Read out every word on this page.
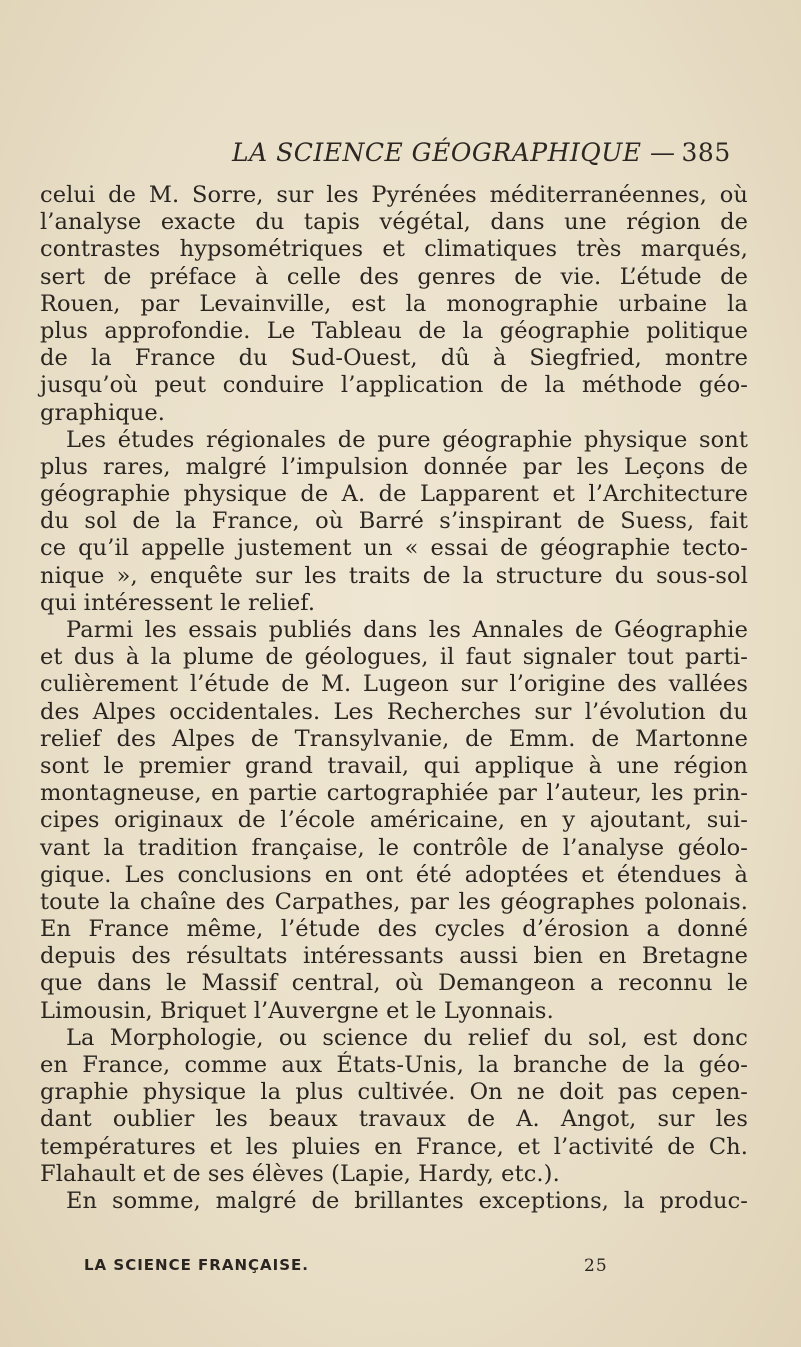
LA SCIENCE GÉOGRAPHIQUE — 385
celui de M. Sorre, sur les Pyrénées méditerranéennes, où
l’analyse exacte du tapis végétal, dans une région de
contrastes hypsométriques et climatiques très marqués,
sert de préface à celle des genres de vie. L’étude de
Rouen, par Levainville, est la monographie urbaine la
plus approfondie. Le Tableau de la géographie politique
de la France du Sud-Ouest, dû à Siegfried, montre
jusqu’où peut conduire l’application de la méthode géo-
graphique.
Les études régionales de pure géographie physique sont
plus rares, malgré l’impulsion donnée par les Leçons de
géographie physique de A. de Lapparent et l’Architecture
du sol de la France, où Barré s’inspirant de Suess, fait
ce qu’il appelle justement un « essai de géographie tecto-
nique », enquête sur les traits de la structure du sous-sol
qui intéressent le relief.
Parmi les essais publiés dans les Annales de Géographie
et dus à la plume de géologues, il faut signaler tout parti-
culièrement l’étude de M. Lugeon sur l’origine des vallées
des Alpes occidentales. Les Recherches sur l’évolution du
relief des Alpes de Transylvanie, de Emm. de Martonne
sont le premier grand travail, qui applique à une région
montagneuse, en partie cartographiée par l’auteur, les prin-
cipes originaux de l’école américaine, en y ajoutant, sui-
vant la tradition française, le contrôle de l’analyse géolo-
gique. Les conclusions en ont été adoptées et étendues à
toute la chaîne des Carpathes, par les géographes polonais.
En France même, l’étude des cycles d’érosion a donné
depuis des résultats intéressants aussi bien en Bretagne
que dans le Massif central, où Demangeon a reconnu le
Limousin, Briquet l’Auvergne et le Lyonnais.
La Morphologie, ou science du relief du sol, est donc
en France, comme aux États-Unis, la branche de la géo-
graphie physique la plus cultivée. On ne doit pas cepen-
dant oublier les beaux travaux de A. Angot, sur les
températures et les pluies en France, et l’activité de Ch.
Flahault et de ses élèves (Lapie, Hardy, etc.).
En somme, malgré de brillantes exceptions, la produc-
LA SCIENCE FRANÇAISE.	25
